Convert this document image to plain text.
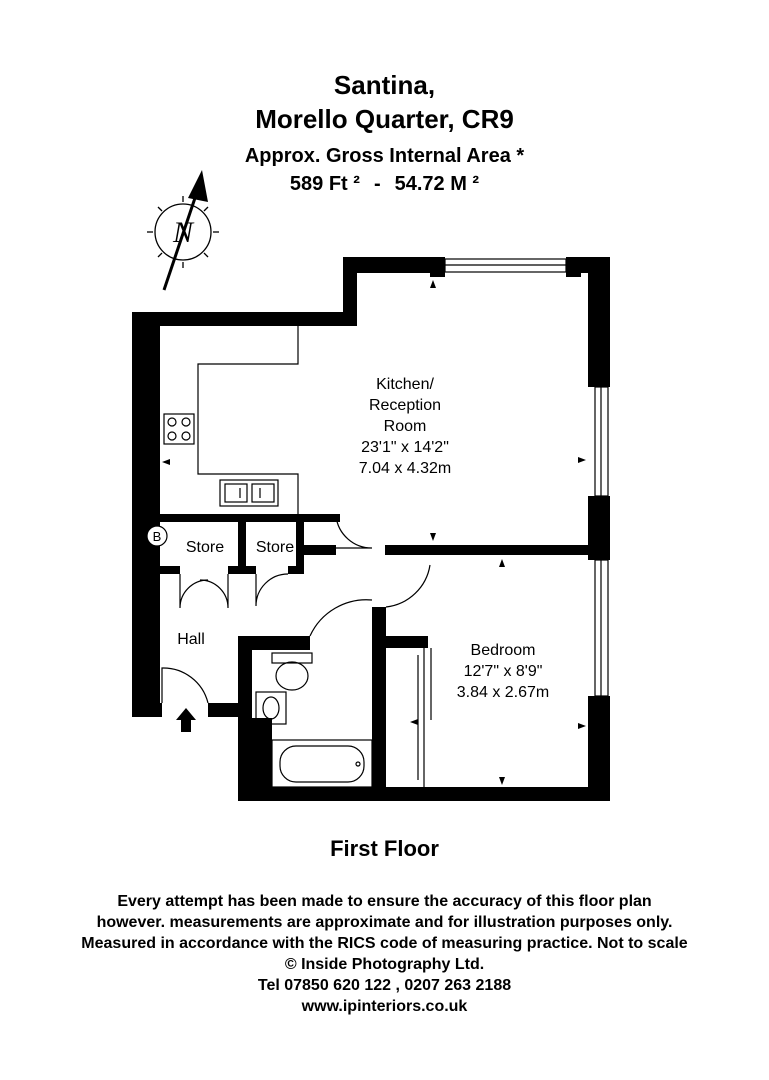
Santina,
Morello Quarter, CR9
Approx. Gross Internal Area *
589 Ft ² - 54.72 M ²
N
B
Kitchen/
Reception
Room
23'1" x 14'2"
7.04 x 4.32m
Bedroom
12'7" x 8'9"
3.84 x 2.67m
Store Store
Hall
First Floor
Every attempt has been made to ensure the accuracy of this floor plan
however. measurements are approximate and for illustration purposes only.
Measured in accordance with the RICS code of measuring practice. Not to scale
© Inside Photography Ltd.
Tel 07850 620 122 , 0207 263 2188
www.ipinteriors.co.uk
